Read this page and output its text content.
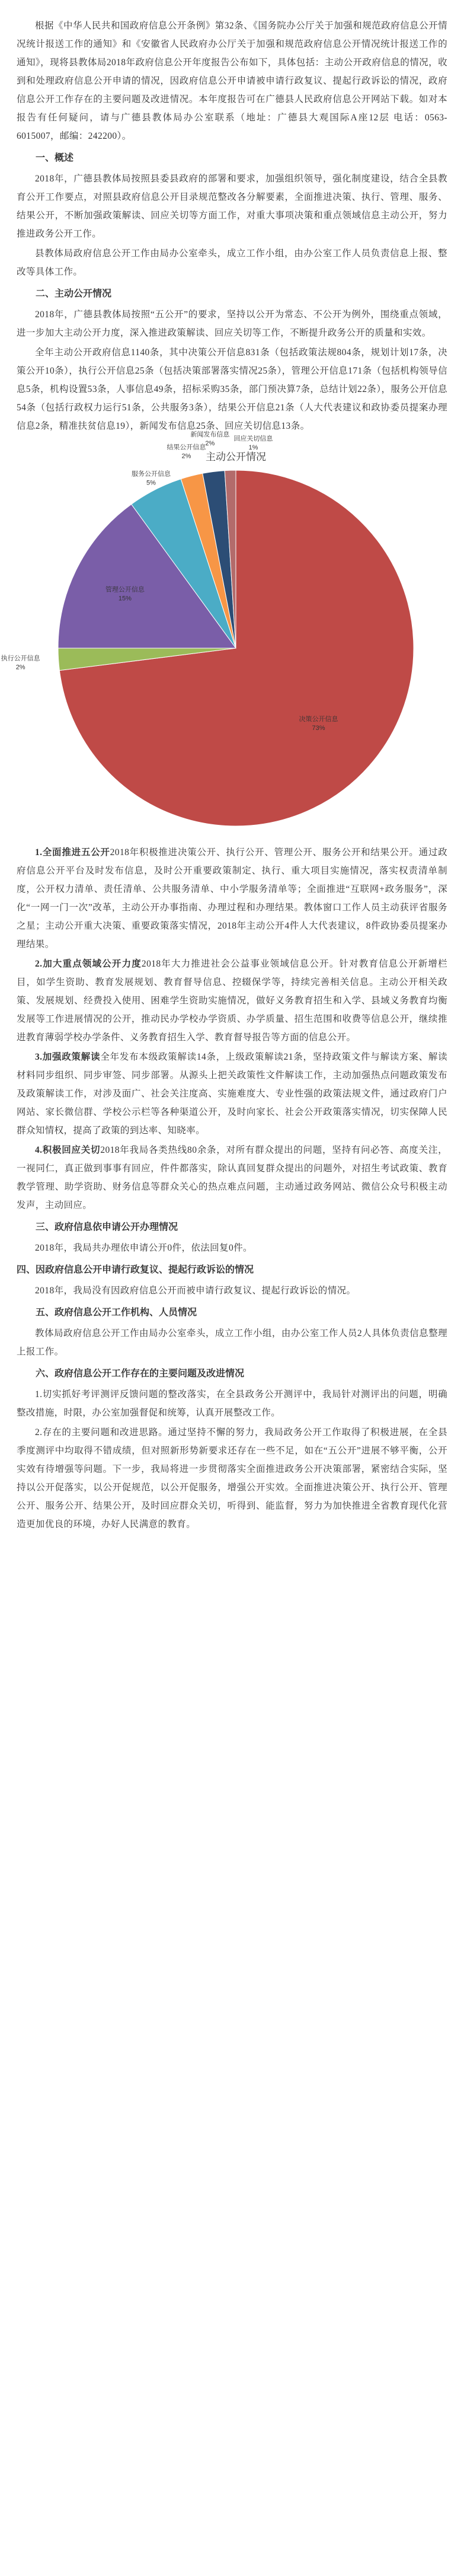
根据《中华人民共和国政府信息公开条例》第32条、《国务院办公厅关于加强和规范政府信息公开情况统计报送工作的通知》和《安徽省人民政府办公厅关于加强和规范政府信息公开情况统计报送工作的通知》，现将县教体局2018年政府信息公开年度报告公布如下，具体包括：主动公开政府信息的情况，收到和处理政府信息公开申请的情况，因政府信息公开申请被申请行政复议、提起行政诉讼的情况，政府信息公开工作存在的主要问题及改进情况。本年度报告可在广德县人民政府信息公开网站下载。如对本报告有任何疑问，请与广德县教体局办公室联系（地址：广德县大观国际A座12层 电话：0563-6015007，邮编：242200）。

一、概述

2018年，广德县教体局按照县委县政府的部署和要求，加强组织领导，强化制度建设，结合全县教育公开工作要点，对照县政府信息公开目录规范整改各分解要素，全面推进决策、执行、管理、服务、结果公开，不断加强政策解读、回应关切等方面工作，对重大事项决策和重点领域信息主动公开，努力推进政务公开工作。

县教体局政府信息公开工作由局办公室牵头，成立工作小组，由办公室工作人员负责信息上报、整改等具体工作。

二、主动公开情况

2018年，广德县教体局按照“五公开”的要求，坚持以公开为常态、不公开为例外，围绕重点领域，进一步加大主动公开力度，深入推进政策解读、回应关切等工作，不断提升政务公开的质量和实效。

全年主动公开政府信息1140条，其中决策公开信息831条（包括政策法规804条，规划计划17条，决策公开10条），执行公开信息25条（包括决策部署落实情况25条），管理公开信息171条（包括机构领导信息5条，机构设置53条，人事信息49条，招标采购35条，部门预决算7条，总结计划22条），服务公开信息54条（包括行政权力运行51条，公共服务3条），结果公开信息21条（人大代表建议和政协委员提案办理信息2条，精准扶贫信息19），新闻发布信息25条、回应关切信息13条。

主动公开情况
决策公开信息
73%
执行公开信息
2%
管理公开信息
15%
服务公开信息
5%
结果公开信息
2%
新闻发布信息
2%
回应关切信息
1%

1.全面推进五公开2018年积极推进决策公开、执行公开、管理公开、服务公开和结果公开。通过政府信息公开平台及时发布信息，及时公开重要政策制定、执行、重大项目实施情况，落实权责清单制度，公开权力清单、责任清单、公共服务清单、中小学服务清单等；全面推进“互联网+政务服务”，深化“一网一门一次”改革，主动公开办事指南、办理过程和办理结果。教体窗口工作人员主动获评省服务之星；主动公开重大决策、重要政策落实情况，2018年主动公开4件人大代表建议，8件政协委员提案办理结果。

2.加大重点领域公开力度2018年大力推进社会公益事业领域信息公开。针对教育信息公开新增栏目，如学生资助、教育发展规划、教育督导信息、控辍保学等，持续完善相关信息。主动公开相关政策、发展规划、经费投入使用、困难学生资助实施情况，做好义务教育招生和入学、县域义务教育均衡发展等工作进展情况的公开，推动民办学校办学资质、办学质量、招生范围和收费等信息公开，继续推进教育薄弱学校办学条件、义务教育招生入学、教育督导报告等方面的信息公开。

3.加强政策解读全年发布本级政策解读14条，上级政策解读21条，坚持政策文件与解读方案、解读材料同步组织、同步审签、同步部署。从源头上把关政策性文件解读工作，主动加强热点问题政策发布及政策解读工作，对涉及面广、社会关注度高、实施难度大、专业性强的政策法规文件，通过政府门户网站、家长微信群、学校公示栏等各种渠道公开，及时向家长、社会公开政策落实情况，切实保障人民群众知情权，提高了政策的到达率、知晓率。

4.积极回应关切2018年我局各类热线80余条，对所有群众提出的问题，坚持有问必答、高度关注，一视同仁，真正做到事事有回应，件件都落实，除认真回复群众提出的问题外，对招生考试政策、教育教学管理、助学资助、财务信息等群众关心的热点难点问题，主动通过政务网站、微信公众号积极主动发声，主动回应。

三、政府信息依申请公开办理情况

2018年，我局共办理依申请公开0件，依法回复0件。

四、因政府信息公开申请行政复议、提起行政诉讼的情况

2018年，我局没有因政府信息公开而被申请行政复议、提起行政诉讼的情况。

五、政府信息公开工作机构、人员情况

教体局政府信息公开工作由局办公室牵头，成立工作小组，由办公室工作人员2人具体负责信息整理上报工作。

六、政府信息公开工作存在的主要问题及改进情况

1.切实抓好考评测评反馈问题的整改落实，在全县政务公开测评中，我局针对测评出的问题，明确整改措施，时限，办公室加强督促和统筹，认真开展整改工作。

2.存在的主要问题和改进思路。通过坚持不懈的努力，我局政务公开工作取得了积极进展，在全县季度测评中均取得不错成绩，但对照新形势新要求还存在一些不足，如在“五公开”进展不够平衡，公开实效有待增强等问题。下一步，我局将进一步贯彻落实全面推进政务公开决策部署，紧密结合实际，坚持以公开促落实，以公开促规范，以公开促服务，增强公开实效。全面推进决策公开、执行公开、管理公开、服务公开、结果公开，及时回应群众关切，听得到、能监督，努力为加快推进全省教育现代化营造更加优良的环境，办好人民满意的教育。
